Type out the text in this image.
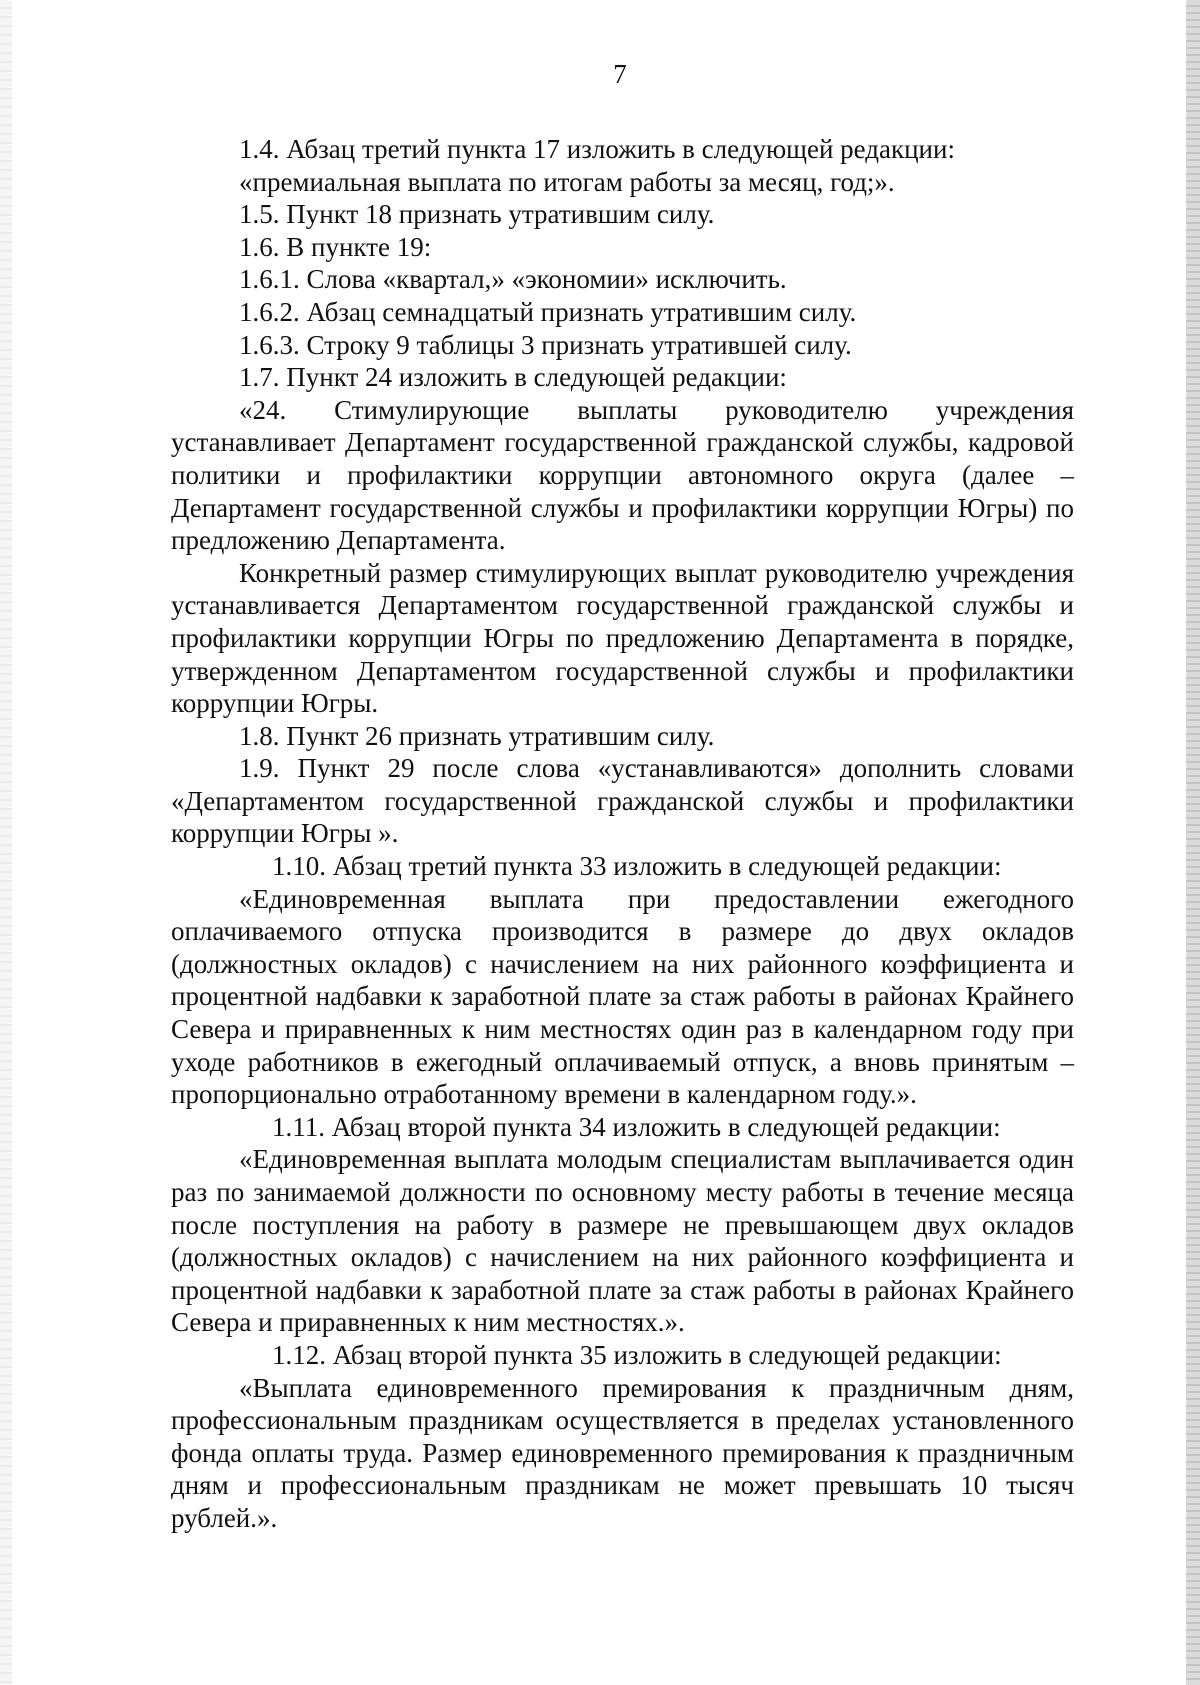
7

1.4. Абзац третий пункта 17 изложить в следующей редакции:

«премиальная выплата по итогам работы за месяц, год;».

1.5. Пункт 18 признать утратившим силу.

1.6. В пункте 19:

1.6.1. Слова «квартал,» «экономии» исключить.

1.6.2. Абзац семнадцатый признать утратившим силу.

1.6.3. Строку 9 таблицы 3 признать утратившей силу.

1.7. Пункт 24 изложить в следующей редакции:

«24. Стимулирующие выплаты руководителю учреждения устанавливает Департамент государственной гражданской службы, кадровой политики и профилактики коррупции автономного округа (далее – Департамент государственной службы и профилактики коррупции Югры) по предложению Департамента.

Конкретный размер стимулирующих выплат руководителю учреждения устанавливается Департаментом государственной гражданской службы и профилактики коррупции Югры по предложению Департамента в порядке, утвержденном Департаментом государственной службы и профилактики коррупции Югры.

1.8. Пункт 26 признать утратившим силу.

1.9. Пункт 29 после слова «устанавливаются» дополнить словами «Департаментом государственной гражданской службы и профилактики коррупции Югры ».

1.10. Абзац третий пункта 33 изложить в следующей редакции:

«Единовременная выплата при предоставлении ежегодного оплачиваемого отпуска производится в размере до двух окладов (должностных окладов) с начислением на них районного коэффициента и процентной надбавки к заработной плате за стаж работы в районах Крайнего Севера и приравненных к ним местностях один раз в календарном году при уходе работников в ежегодный оплачиваемый отпуск, а вновь принятым – пропорционально отработанному времени в календарном году.».

1.11. Абзац второй пункта 34 изложить в следующей редакции:

«Единовременная выплата молодым специалистам выплачивается один раз по занимаемой должности по основному месту работы в течение месяца после поступления на работу в размере не превышающем двух окладов (должностных окладов) с начислением на них районного коэффициента и процентной надбавки к заработной плате за стаж работы в районах Крайнего Севера и приравненных к ним местностях.».

1.12. Абзац второй пункта 35 изложить в следующей редакции:

«Выплата единовременного премирования к праздничным дням, профессиональным праздникам осуществляется в пределах установленного фонда оплаты труда. Размер единовременного премирования к праздничным дням и профессиональным праздникам не может превышать 10 тысяч рублей.».
